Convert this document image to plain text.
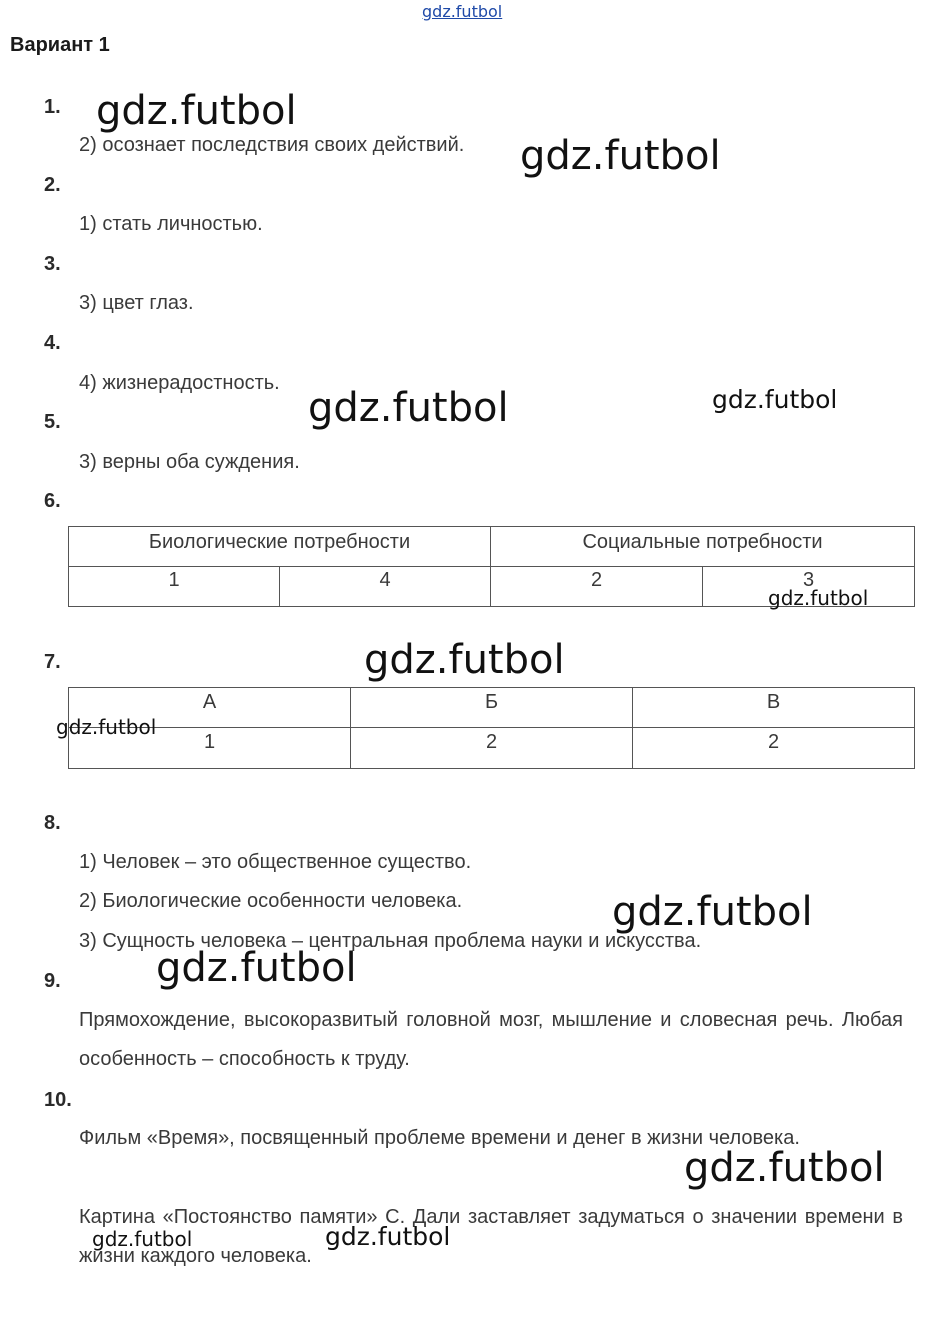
gdz.futbol
Вариант 1
1.
2.
3.
4.
5.
6.
7.
8.
9.
10.
2) осознает последствия своих действий.
1) стать личностью.
3) цвет глаз.
4) жизнерадостность.
3) верны оба суждения.
Биологические потребности		Социальные потребности	
1	4	2	3
А	Б	В
1	2	2
1) Человек – это общественное существо.
2) Биологические особенности человека.
3) Сущность человека – центральная проблема науки и искусства.
Прямохождение, высокоразвитый головной мозг, мышление и словесная речь. Любая особенность – способность к труду.
Фильм «Время», посвященный проблеме времени и денег в жизни человека.
Картина «Постоянство памяти» С. Дали заставляет задуматься о значении времени в жизни каждого человека.
gdz.futbol
gdz.futbol
gdz.futbol	gdz.futbol
gdz.futbol
gdz.futbol
gdz.futbol
gdz.futbol
gdz.futbol
gdz.futbol
gdz.futbol	gdz.futbol
